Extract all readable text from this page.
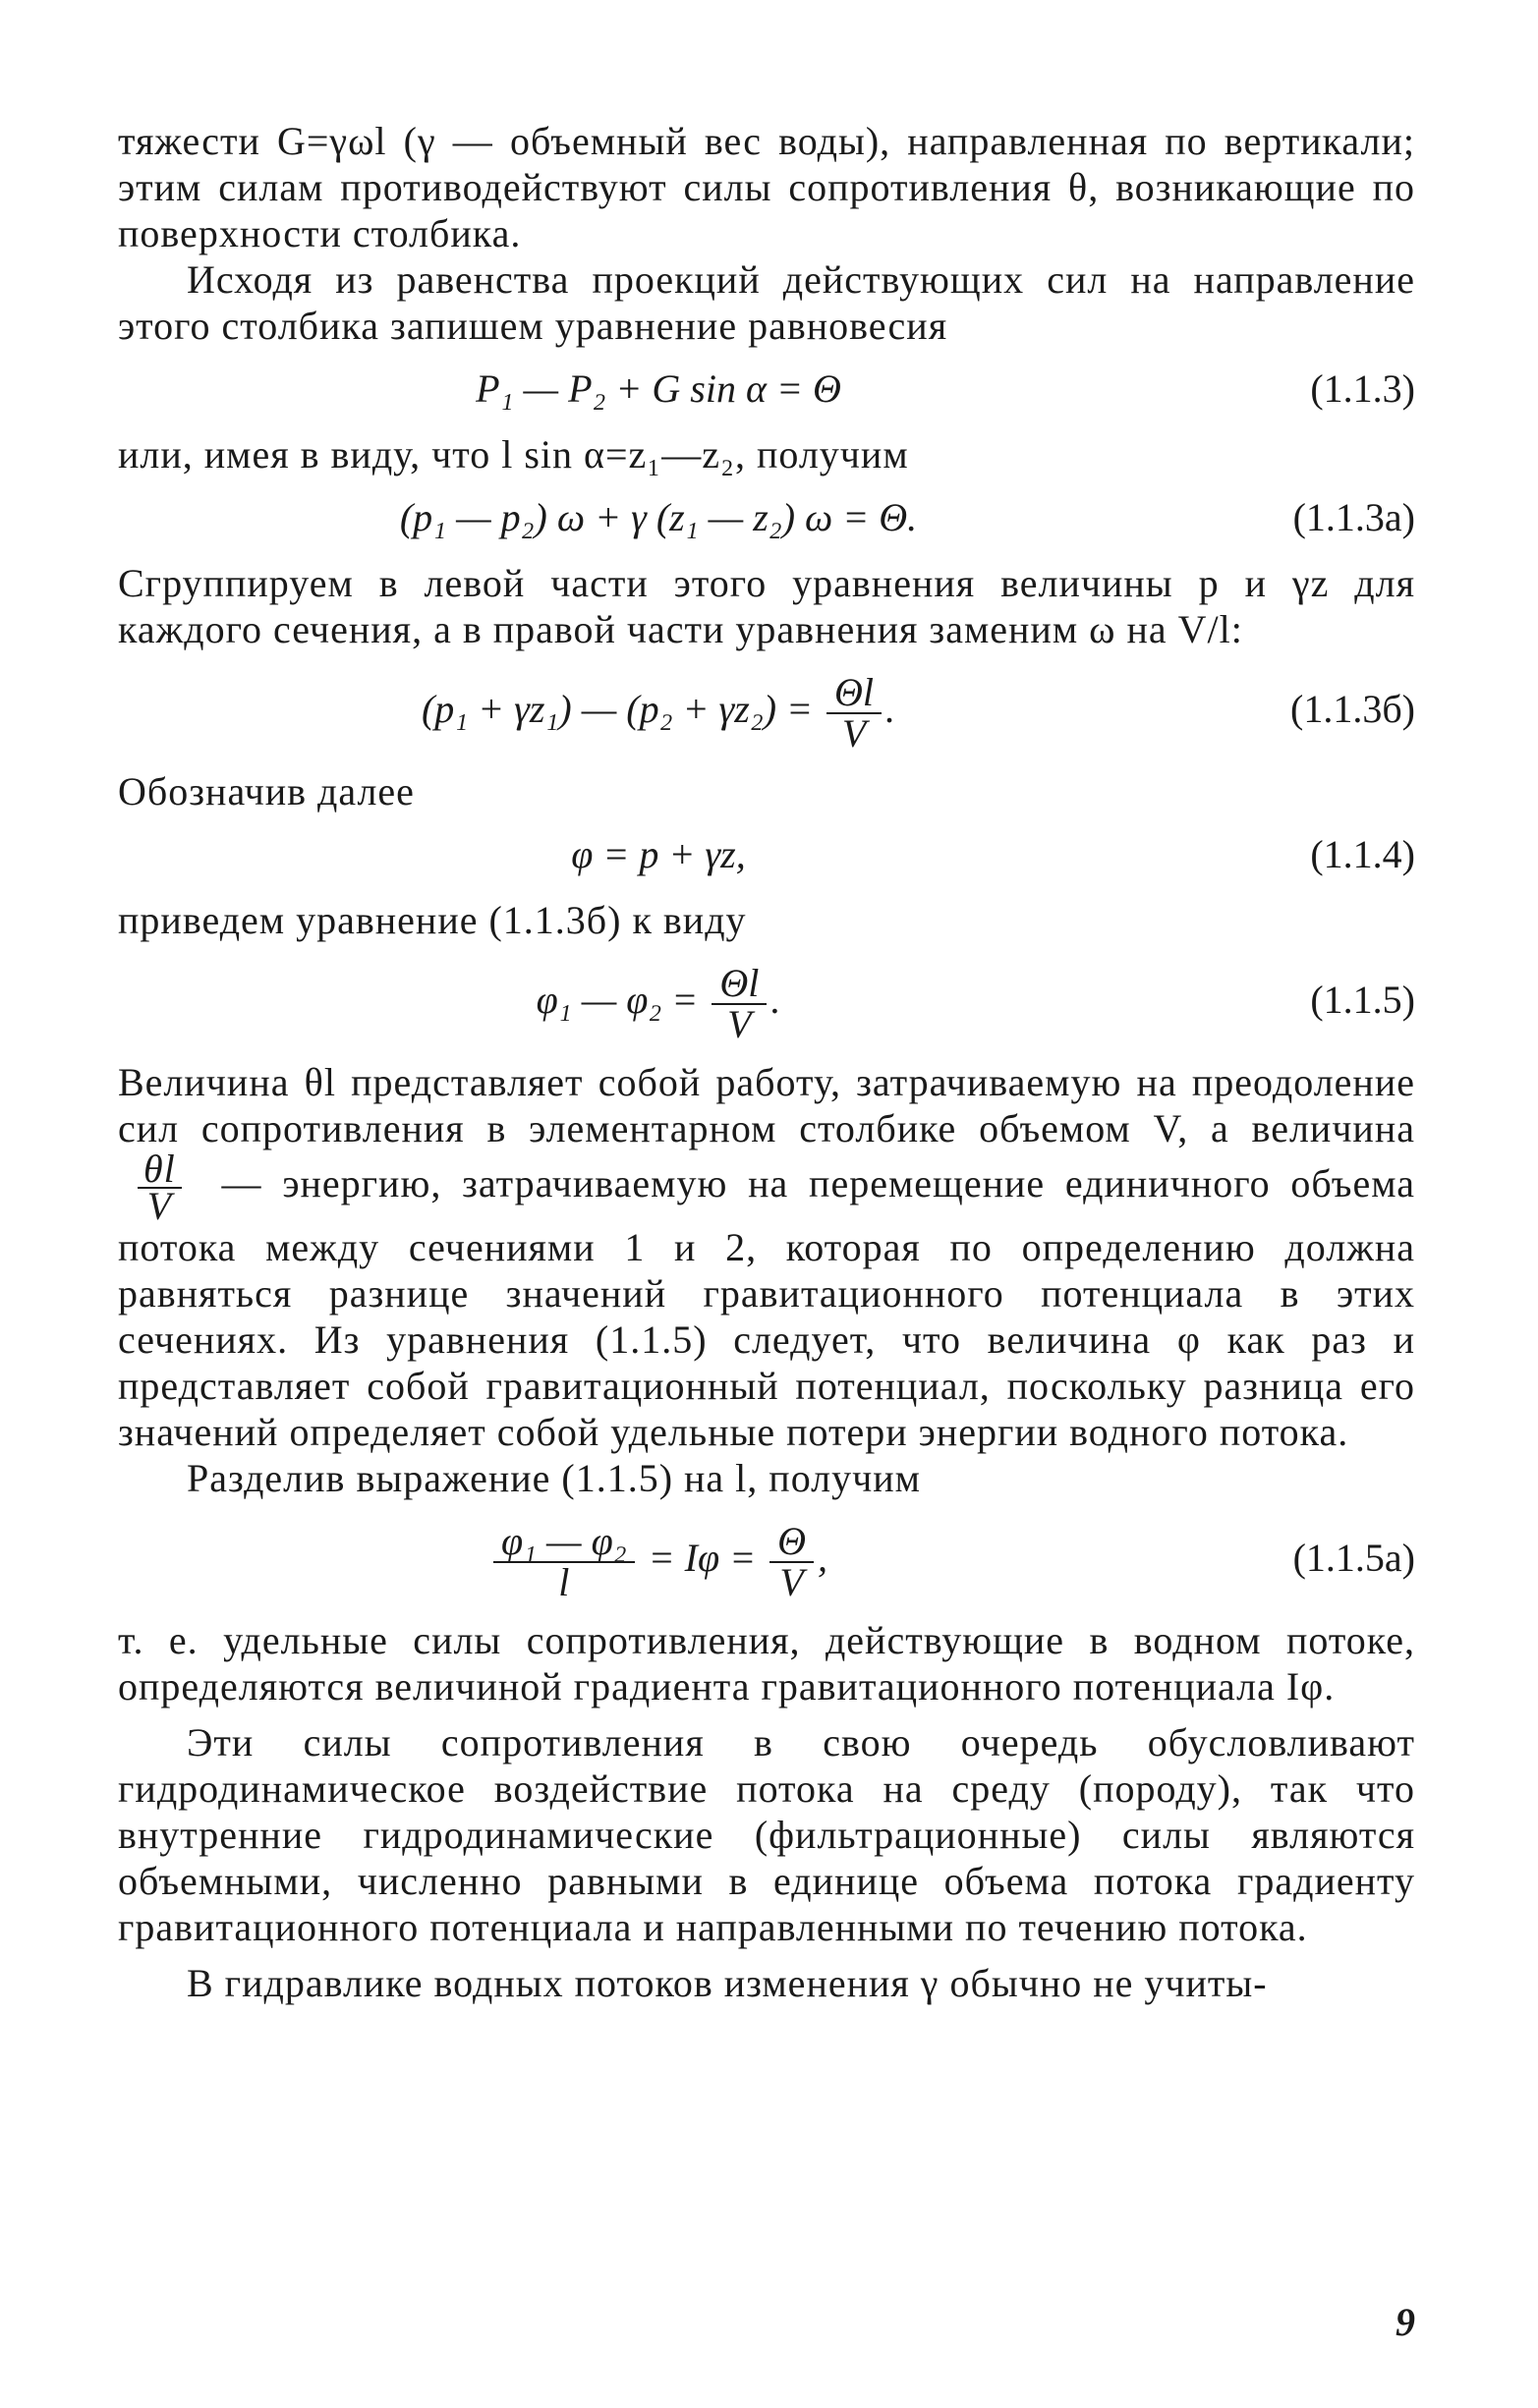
тяжести G=γωl (γ — объемный вес воды), направленная по вертикали; этим силам противодействуют силы сопротивления θ, возникающие по поверхности столбика.

Исходя из равенства проекций действующих сил на направление этого столбика запишем уравнение равновесия

P₁ — P₂ + G sin α = Θ	(1.1.3)

или, имея в виду, что l sin α=z₁—z₂, получим

(p₁ — p₂) ω + γ (z₁ — z₂) ω = Θ.	(1.1.3а)

Сгруппируем в левой части этого уравнения величины p и γz для каждого сечения, а в правой части уравнения заменим ω на V/l:

(p₁ + γz₁) — $(p_2 + \gamma z_2) = \frac{\Theta l}{V}$ .	(1.1.3б)

Обозначив далее

φ = p + γz,	(1.1.4)

приведем уравнение (1.1.3б) к виду

φ₁ — $\varphi_2 = \frac{\Theta l}{V}$ .	(1.1.5)

Величина θl представляет собой работу, затрачиваемую на преодоление сил сопротивления в элементарном столбике объемом V, а величина
$\frac{\theta l}{V}$ — энергию, затрачиваемую на перемещение единичного объема потока между сечениями 1 и 2, которая по определению должна равняться разнице значений гравитационного потенциала в этих сечениях. Из уравнения (1.1.5) следует, что величина φ как раз и представляет собой гравитационный потенциал, поскольку разница его значений определяет собой удельные потери энергии водного потока.

Разделив выражение (1.1.5) на l, получим

$\frac{\text{φ₁ — φ₂}}{l} = I\varphi = \frac{\Theta}{V}$ ,	(1.1.5а)

т. е. удельные силы сопротивления, действующие в водном потоке, определяются величиной градиента гравитационного потенциала Iφ.

Эти силы сопротивления в свою очередь обусловливают гидродинамическое воздействие потока на среду (породу), так что внутренние гидродинамические (фильтрационные) силы являются объемными, численно равными в единице объема потока градиенту гравитационного потенциала и направленными по течению потока.

В гидравлике водных потоков изменения γ обычно не учиты-

9
